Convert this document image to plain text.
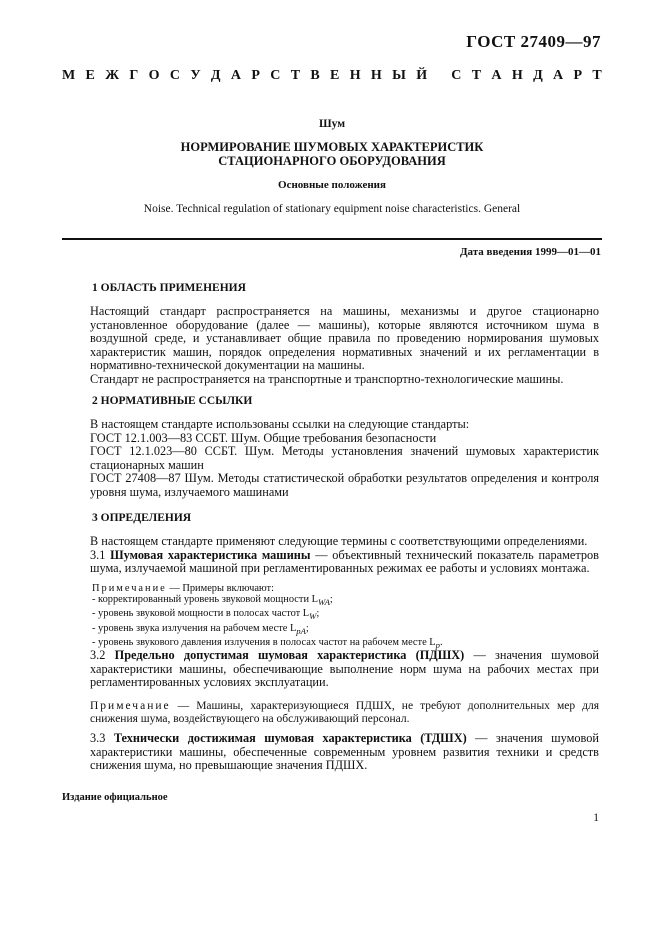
ГОСТ 27409—97
М Е Ж Г О С У Д А Р С Т В Е Н Н Ы Й
С Т А Н Д А Р Т
Шум
НОРМИРОВАНИЕ ШУМОВЫХ ХАРАКТЕРИСТИК
СТАЦИОНАРНОГО ОБОРУДОВАНИЯ
Основные положения
Noise. Technical regulation of stationary equipment noise characteristics. General
Дата введения 1999—01—01
1 ОБЛАСТЬ ПРИМЕНЕНИЯ
Настоящий стандарт распространяется на машины, механизмы и другое стационарно установленное оборудование (далее — машины), которые являются источником шума в воздушной среде, и устанавливает общие правила по проведению нормирования шумовых характеристик машин, порядок определения нормативных значений и их регламентации в нормативно-технической документации на машины.
Стандарт не распространяется на транспортные и транспортно-технологические машины.
2 НОРМАТИВНЫЕ ССЫЛКИ
В настоящем стандарте использованы ссылки на следующие стандарты:
ГОСТ 12.1.003—83 ССБТ. Шум. Общие требования безопасности
ГОСТ 12.1.023—80 ССБТ. Шум. Методы установления значений шумовых характеристик стационарных машин
ГОСТ 27408—87 Шум. Методы статистической обработки результатов определения и контроля уровня шума, излучаемого машинами
3 ОПРЕДЕЛЕНИЯ
В настоящем стандарте применяют следующие термины с соответствующими определениями.
3.1 Шумовая характеристика машины — объективный технический показатель параметров шума, излучаемой машиной при регламентированных режимах ее работы и условиях монтажа.
Примечание — Примеры включают:
- корректированный уровень звуковой мощности $L_{WA}$;
- уровень звуковой мощности в полосах частот $L_W$;
- уровень звука излучения на рабочем месте $L_{pA}$;
- уровень звукового давления излучения в полосах частот на рабочем месте $L_p$.
3.2 Предельно допустимая шумовая характеристика (ПДШХ) — значения шумовой характеристики машины, обеспечивающие выполнение норм шума на рабочих местах при регламентированных условиях эксплуатации.
Примечание — Машины, характеризующиеся ПДШХ, не требуют дополнительных мер для снижения шума, воздействующего на обслуживающий персонал.
3.3 Технически достижимая шумовая характеристика (ТДШХ) — значения шумовой характеристики машины, обеспеченные современным уровнем развития техники и средств снижения шума, но превышающие значения ПДШХ.
Издание официальное
1
